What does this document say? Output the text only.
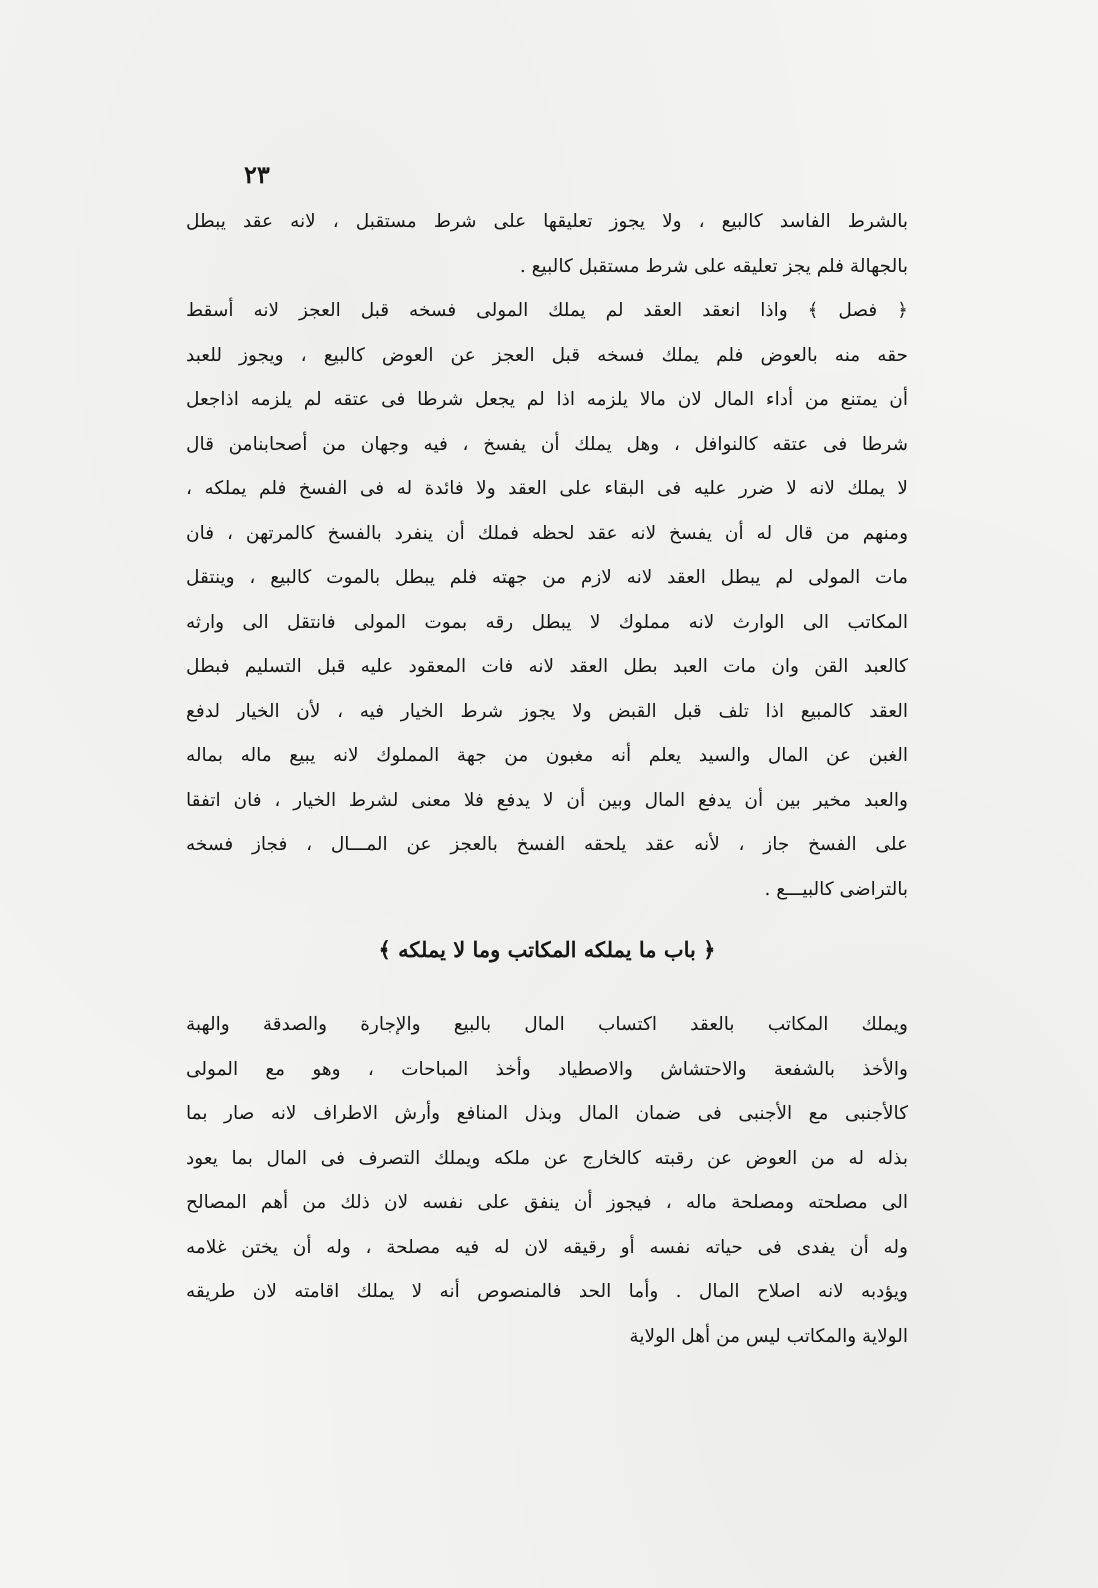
٢٣
بالشرط الفاسد كالبيع ، ولا يجوز تعليقها على شرط مستقبل ، لانه عقد يبطل
بالجهالة فلم يجز تعليقه على شرط مستقبل كالبيع .
﴿ فصل ﴾ واذا انعقد العقد لم يملك المولى فسخه قبل العجز لانه أسقط
حقه منه بالعوض فلم يملك فسخه قبل العجز عن العوض كالبيع ، ويجوز للعبد
أن يمتنع من أداء المال لان مالا يلزمه اذا لم يجعل شرطا فى عتقه لم يلزمه اذاجعل
شرطا فى عتقه كالنوافل ، وهل يملك أن يفسخ ، فيه وجهان من أصحابنامن قال
لا يملك لانه لا ضرر عليه فى البقاء على العقد ولا فائدة له فى الفسخ فلم يملكه ،
ومنهم من قال له أن يفسخ لانه عقد لحظه فملك أن ينفرد بالفسخ كالمرتهن ، فان
مات المولى لم يبطل العقد لانه لازم من جهته فلم يبطل بالموت كالبيع ، وينتقل
المكاتب الى الوارث لانه مملوك لا يبطل رقه بموت المولى فانتقل الى وارثه
كالعبد القن وان مات العبد بطل العقد لانه فات المعقود عليه قبل التسليم فبطل
العقد كالمبيع اذا تلف قبل القبض ولا يجوز شرط الخيار فيه ، لأن الخيار لدفع
الغبن عن المال والسيد يعلم أنه مغبون من جهة المملوك لانه يبيع ماله بماله
والعبد مخير بين أن يدفع المال وبين أن لا يدفع فلا معنى لشرط الخيار ، فان اتفقا
على الفسخ جاز ، لأنه عقد يلحقه الفسخ بالعجز عن المـــال ، فجاز فسخه
بالتراضى كالبيـــع .
﴿ باب ما يملكه المكاتب وما لا يملكه ﴾
ويملك المكاتب بالعقد اكتساب المال بالبيع والإجارة والصدقة والهبة
والأخذ بالشفعة والاحتشاش والاصطياد وأخذ المباحات ، وهو مع المولى
كالأجنبى مع الأجنبى فى ضمان المال وبذل المنافع وأرش الاطراف لانه صار بما
بذله له من العوض عن رقبته كالخارج عن ملكه ويملك التصرف فى المال بما يعود
الى مصلحته ومصلحة ماله ، فيجوز أن ينفق على نفسه لان ذلك من أهم المصالح
وله أن يفدى فى حياته نفسه أو رقيقه لان له فيه مصلحة ، وله أن يختن غلامه
ويؤدبه لانه اصلاح المال . وأما الحد فالمنصوص أنه لا يملك اقامته لان طريقه
الولاية والمكاتب ليس من أهل الولاية
